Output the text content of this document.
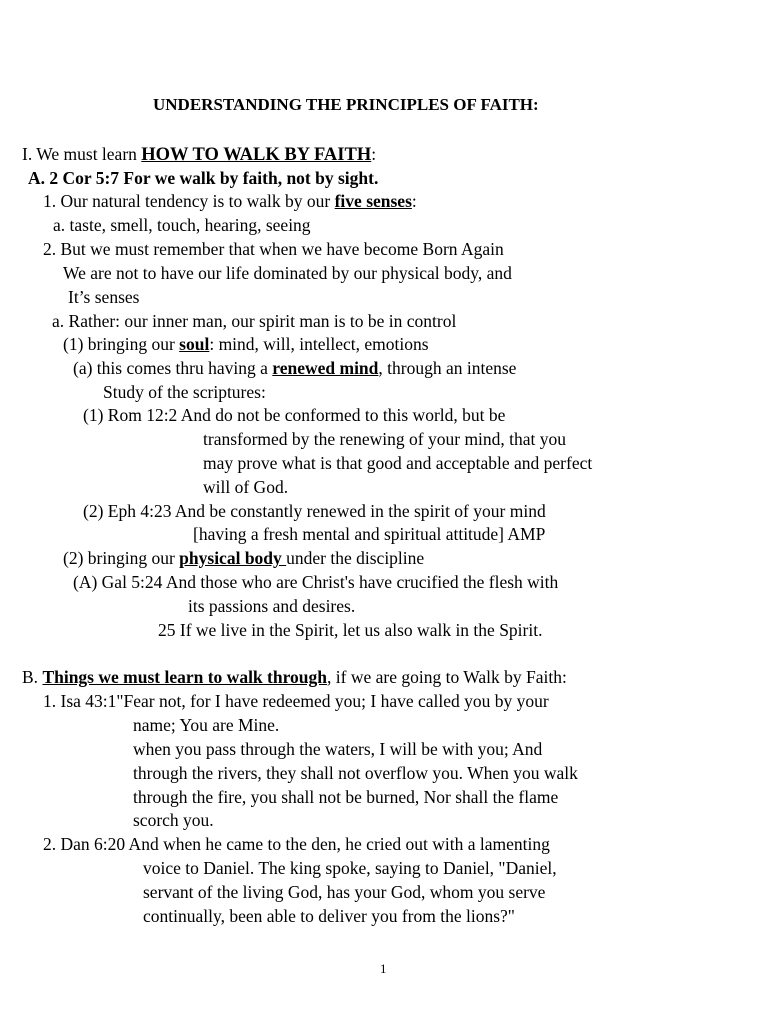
UNDERSTANDING THE PRINCIPLES OF FAITH:
I. We must learn HOW TO WALK BY FAITH:
A. 2 Cor 5:7 For we walk by faith, not by sight.
1. Our natural tendency is to walk by our five senses:
a. taste, smell, touch, hearing, seeing
2. But we must remember that when we have become Born Again
We are not to have our life dominated by our physical body, and
It’s senses
a. Rather: our inner man, our spirit man is to be in control
(1) bringing our soul: mind, will, intellect, emotions
(a) this comes thru having a renewed mind, through an intense
Study of the scriptures:
(1) Rom 12:2 And do not be conformed to this world, but be
transformed by the renewing of your mind, that you
may prove what is that good and acceptable and perfect
will of God.
(2) Eph 4:23 And be constantly renewed in the spirit of your mind
[having a fresh mental and spiritual attitude] AMP
(2) bringing our physical body under the discipline
(A) Gal 5:24 And those who are Christ's have crucified the flesh with
its passions and desires.
25 If we live in the Spirit, let us also walk in the Spirit.
B. Things we must learn to walk through, if we are going to Walk by Faith:
1. Isa 43:1"Fear not, for I have redeemed you; I have called you by your
name; You are Mine.
when you pass through the waters, I will be with you; And
through the rivers, they shall not overflow you. When you walk
through the fire, you shall not be burned, Nor shall the flame
scorch you.
2. Dan 6:20 And when he came to the den, he cried out with a lamenting
voice to Daniel. The king spoke, saying to Daniel, "Daniel,
servant of the living God, has your God, whom you serve
continually, been able to deliver you from the lions?"
1
